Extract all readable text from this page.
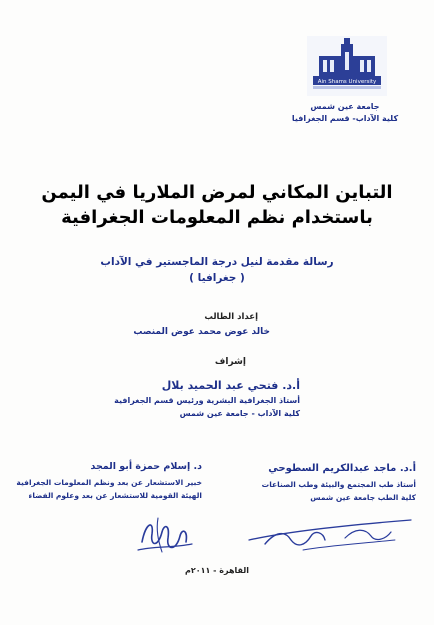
Ain Shams University
جامعة عين شمس
كلية الآداب- قسم الجغرافيا
التباين المكاني لمرض الملاريا في اليمن
باستخدام نظم المعلومات الجغرافية
رسالة مقدمة لنيل درجة الماجستير في الآداب
( جغرافيا )
إعداد الطالب
خالد عوض محمد عوض المنصب
إشراف
أ.د. فتحي عبد الحميد بلال
أستاذ الجغرافية البشرية ورئيس قسم الجغرافية
كلية الآداب - جامعة عين شمس
أ.د. ماجد عبدالكريم السطوحي
أستاذ طب المجتمع والبيئة وطب الصناعات
كلية الطب جامعة عين شمس
د. إسلام حمزة أبو المجد
خبير الاستشعار عن بعد ونظم المعلومات الجغرافية
الهيئة القومية للاستشعار عن بعد وعلوم الفضاء
القاهرة - ٢٠١١م
